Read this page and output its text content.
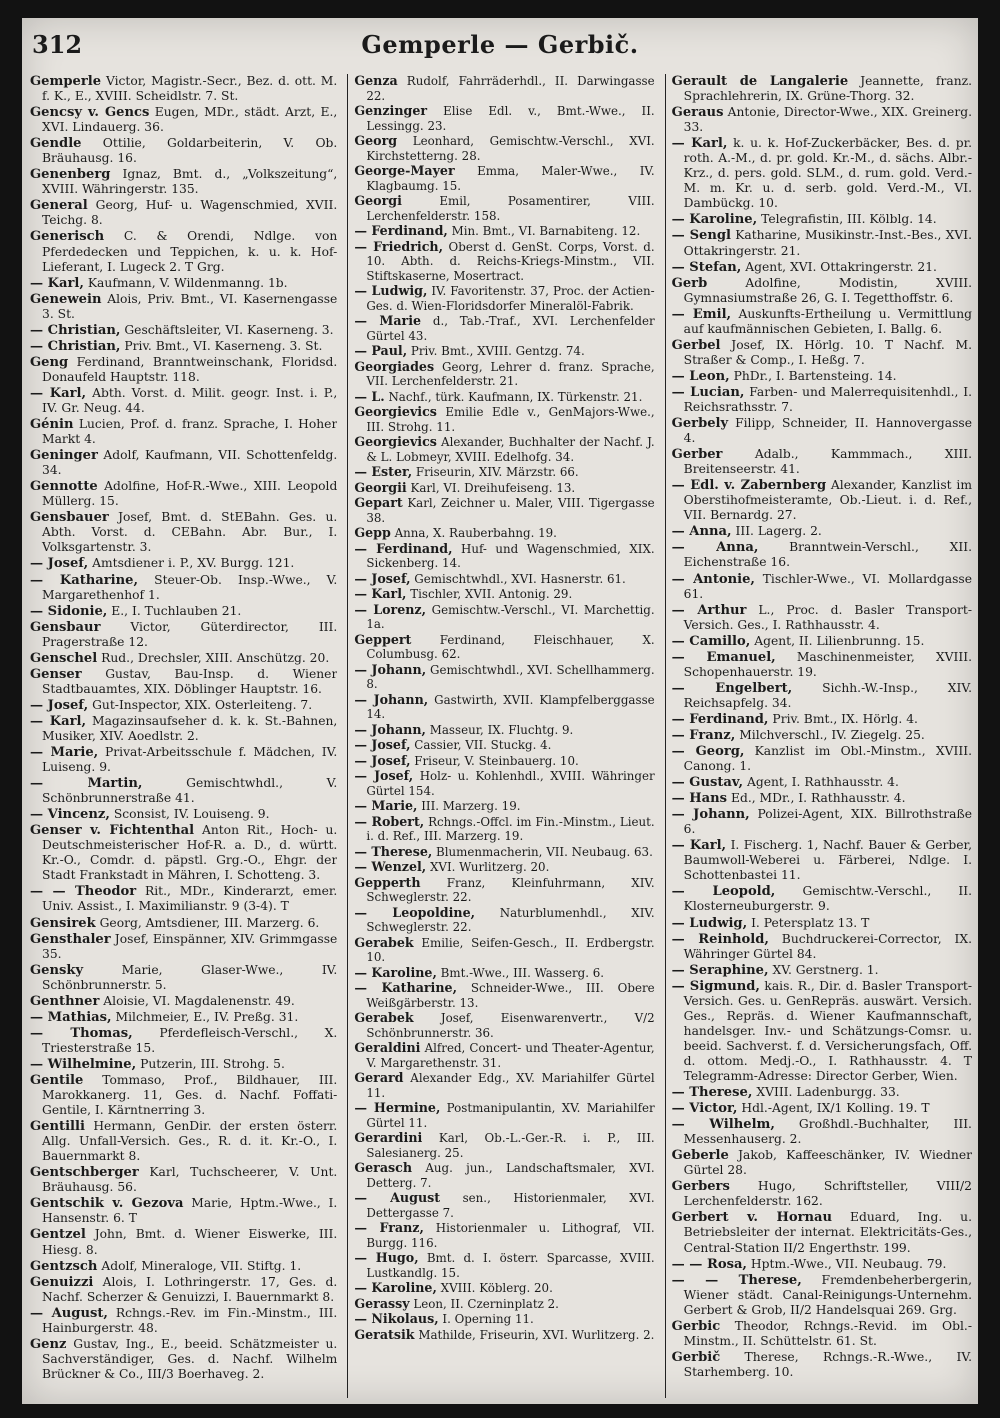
312	Gemperle — Gerbič.
Gemperle Victor, Magistr.-Secr., Bez. d. ott. M. f. K., E., XVIII. Scheidlstr. 7. St.
Gencsy v. Gencs Eugen, MDr., städt. Arzt, E., XVI. Lindauerg. 36.
Gendle Ottilie, Goldarbeiterin, V. Ob. Bräuhausg. 16.
Genenberg Ignaz, Bmt. d., „Volkszeitung“, XVIII. Währingerstr. 135.
General Georg, Huf- u. Wagenschmied, XVII. Teichg. 8.
Generisch C. & Orendi, Ndlge. von Pferdedecken und Teppichen, k. u. k. Hof-Lieferant, I. Lugeck 2. T Grg.
— Karl, Kaufmann, V. Wildenmanng. 1b.
Genewein Alois, Priv. Bmt., VI. Kasernengasse 3. St.
— Christian, Geschäftsleiter, VI. Kaserneng. 3.
— Christian, Priv. Bmt., VI. Kaserneng. 3. St.
Geng Ferdinand, Branntweinschank, Floridsd. Donaufeld Hauptstr. 118.
— Karl, Abth. Vorst. d. Milit. geogr. Inst. i. P., IV. Gr. Neug. 44.
Génin Lucien, Prof. d. franz. Sprache, I. Hoher Markt 4.
Geninger Adolf, Kaufmann, VII. Schottenfeldg. 34.
Gennotte Adolfine, Hof-R.-Wwe., XIII. Leopold Müllerg. 15.
Gensbauer Josef, Bmt. d. StEBahn. Ges. u. Abth. Vorst. d. CEBahn. Abr. Bur., I. Volksgartenstr. 3.
— Josef, Amtsdiener i. P., XV. Burgg. 121.
— Katharine, Steuer-Ob. Insp.-Wwe., V. Margarethenhof 1.
— Sidonie, E., I. Tuchlauben 21.
Gensbaur Victor, Güterdirector, III. Pragerstraße 12.
Genschel Rud., Drechsler, XIII. Anschützg. 20.
Genser Gustav, Bau-Insp. d. Wiener Stadtbauamtes, XIX. Döblinger Hauptstr. 16.
— Josef, Gut-Inspector, XIX. Osterleiteng. 7.
— Karl, Magazinsaufseher d. k. k. St.-Bahnen, Musiker, XIV. Aoedlstr. 2.
— Marie, Privat-Arbeitsschule f. Mädchen, IV. Luiseng. 9.
— Martin,	Gemischtwhdl., V. Schönbrunnerstraße 41.
— Vincenz, Sconsist, IV. Louiseng. 9.
Genser v. Fichtenthal Anton Rit., Hoch- u. Deutschmeisterischer Hof-R. a. D., d. württ. Kr.-O., Comdr. d. päpstl. Grg.-O., Ehgr. der Stadt Frankstadt in Mähren, I. Schotteng. 3.
— — Theodor Rit., MDr., Kinderarzt, emer. Univ. Assist., I. Maximilianstr. 9 (3-4). T
Gensirek Georg, Amtsdiener, III. Marzerg. 6.
Gensthaler Josef, Einspänner, XIV. Grimmgasse 35.
Gensky	Marie, Glaser-Wwe., IV. Schönbrunnerstr. 5.
Genthner Aloisie, VI. Magdalenenstr. 49.
— Mathias, Milchmeier, E., IV. Preßg. 31.
— Thomas, Pferdefleisch-Verschl., X. Triesterstraße 15.
— Wilhelmine, Putzerin, III. Strohg. 5.
Gentile Tommaso, Prof., Bildhauer, III. Marokkanerg. 11, Ges. d. Nachf. Foffati-Gentile, I. Kärntnerring 3.
Gentilli Hermann, GenDir. der ersten österr. Allg. Unfall-Versich. Ges., R. d. it. Kr.-O., I. Bauernmarkt 8.
Gentschberger Karl, Tuchscheerer, V. Unt. Bräuhausg. 56.
Gentschik v. Gezova Marie, Hptm.-Wwe., I. Hansenstr. 6. T
Gentzel John, Bmt. d. Wiener Eiswerke, III. Hiesg. 8.
Gentzsch Adolf, Mineraloge, VII. Stiftg. 1.
Genuizzi Alois, I. Lothringerstr. 17, Ges. d. Nachf. Scherzer & Genuizzi, I. Bauernmarkt 8.
— August, Rchngs.-Rev. im Fin.-Minstm., III. Hainburgerstr. 48.
Genz Gustav, Ing., E., beeid. Schätzmeister u. Sachverständiger, Ges. d. Nachf. Wilhelm Brückner & Co., III/3 Boerhaveg. 2.
Genza Rudolf, Fahrräderhdl., II. Darwingasse 22.
Genzinger Elise Edl. v., Bmt.-Wwe., II. Lessingg. 23.
Georg Leonhard, Gemischtw.-Verschl., XVI. Kirchstetterng. 28.
George-Mayer Emma, Maler-Wwe., IV. Klagbaumg. 15.
Georgi	Emil, Posamentirer, VIII. Lerchenfelderstr. 158.
— Ferdinand, Min. Bmt., VI. Barnabiteng. 12.
— Friedrich, Oberst d. GenSt. Corps, Vorst. d. 10. Abth. d. Reichs-Kriegs-Minstm., VII. Stiftskaserne, Mosertract.
— Ludwig, IV. Favoritenstr. 37, Proc. der Actien-Ges. d. Wien-Floridsdorfer Mineralöl-Fabrik.
— Marie d., Tab.-Traf., XVI. Lerchenfelder Gürtel 43.
— Paul, Priv. Bmt., XVIII. Gentzg. 74.
Georgiades Georg, Lehrer d. franz. Sprache, VII. Lerchenfelderstr. 21.
— L. Nachf., türk. Kaufmann, IX. Türkenstr. 21.
Georgievics Emilie Edle v., GenMajors-Wwe., III. Strohg. 11.
Georgievics Alexander, Buchhalter der Nachf. J. & L. Lobmeyr, XVIII. Edelhofg. 34.
— Ester, Friseurin, XIV. Märzstr. 66.
Georgii Karl, VI. Dreihufeiseng. 13.
Gepart Karl, Zeichner u. Maler, VIII. Tigergasse 38.
Gepp Anna, X. Rauberbahng. 19.
— Ferdinand, Huf- und Wagenschmied, XIX. Sickenberg. 14.
— Josef, Gemischtwhdl., XVI. Hasnerstr. 61.
— Karl, Tischler, XVII. Antonig. 29.
— Lorenz, Gemischtw.-Verschl., VI. Marchettig. 1a.
Geppert Ferdinand, Fleischhauer, X. Columbusg. 62.
— Johann, Gemischtwhdl., XVI. Schellhammerg. 8.
— Johann, Gastwirth, XVII. Klampfelberggasse 14.
— Johann, Masseur, IX. Fluchtg. 9.
— Josef, Cassier, VII. Stuckg. 4.
— Josef, Friseur, V. Steinbauerg. 10.
— Josef, Holz- u. Kohlenhdl., XVIII. Währinger Gürtel 154.
— Marie, III. Marzerg. 19.
— Robert, Rchngs.-Offcl. im Fin.-Minstm., Lieut. i. d. Ref., III. Marzerg. 19.
— Therese, Blumenmacherin, VII. Neubaug. 63.
— Wenzel, XVI. Wurlitzerg. 20.
Gepperth Franz, Kleinfuhrmann, XIV. Schweglerstr. 22.
— Leopoldine, Naturblumenhdl., XIV. Schweglerstr. 22.
Gerabek Emilie, Seifen-Gesch., II. Erdbergstr. 10.
— Karoline, Bmt.-Wwe., III. Wasserg. 6.
— Katharine, Schneider-Wwe., III. Obere Weißgärberstr. 13.
Gerabek Josef, Eisenwarenvertr., V/2 Schönbrunnerstr. 36.
Geraldini Alfred, Concert- und Theater-Agentur, V. Margarethenstr. 31.
Gerard Alexander Edg., XV. Mariahilfer Gürtel 11.
— Hermine, Postmanipulantin, XV. Mariahilfer Gürtel 11.
Gerardini Karl, Ob.-L.-Ger.-R. i. P., III. Salesianerg. 25.
Gerasch Aug. jun., Landschaftsmaler, XVI. Detterg. 7.
— August sen., Historienmaler, XVI. Dettergasse 7.
— Franz, Historienmaler u. Lithograf, VII. Burgg. 116.
— Hugo, Bmt. d. I. österr. Sparcasse, XVIII. Lustkandlg. 15.
— Karoline, XVIII. Köblerg. 20.
Gerassy Leon, II. Czerninplatz 2.
— Nikolaus, I. Operning 11.
Geratsik Mathilde, Friseurin, XVI. Wurlitzerg. 2.
Gerault de Langalerie Jeannette, franz. Sprachlehrerin, IX. Grüne-Thorg. 32.
Geraus Antonie, Director-Wwe., XIX. Greinerg. 33.
— Karl, k. u. k. Hof-Zuckerbäcker, Bes. d. pr. roth. A.-M., d. pr. gold. Kr.-M., d. sächs. Albr.-Krz., d. pers. gold. SLM., d. rum. gold. Verd.-M. m. Kr. u. d. serb. gold. Verd.-M., VI. Dambückg. 10.
— Karoline, Telegrafistin, III. Kölblg. 14.
— Sengl Katharine, Musikinstr.-Inst.-Bes., XVI. Ottakringerstr. 21.
— Stefan, Agent, XVI. Ottakringerstr. 21.
Gerb	Adolfine, Modistin, XVIII. Gymnasiumstraße 26, G. I. Tegetthoffstr. 6.
— Emil, Auskunfts-Ertheilung u. Vermittlung auf kaufmännischen Gebieten, I. Ballg. 6.
Gerbel Josef, IX. Hörlg. 10. T Nachf. M. Straßer & Comp., I. Heßg. 7.
— Leon, PhDr., I. Bartensteing. 14.
— Lucian, Farben- und Malerrequisitenhdl., I. Reichsrathsstr. 7.
Gerbely Filipp, Schneider, II. Hannovergasse 4.
Gerber	Adalb., Kammmach., XIII. Breitenseerstr. 41.
— Edl. v. Zabernberg Alexander, Kanzlist im Oberstihofmeisteramte, Ob.-Lieut. i. d. Ref., VII. Bernardg. 27.
— Anna, III. Lagerg. 2.
— Anna,	Branntwein-Verschl., XII. Eichenstraße 16.
— Antonie, Tischler-Wwe., VI. Mollardgasse 61.
— Arthur L., Proc. d. Basler Transport-Versich. Ges., I. Rathhausstr. 4.
— Camillo, Agent, II. Lilienbrunng. 15.
— Emanuel, Maschinenmeister, XVIII. Schopenhauerstr. 19.
— Engelbert, Sichh.-W.-Insp., XIV. Reichsapfelg. 34.
— Ferdinand, Priv. Bmt., IX. Hörlg. 4.
— Franz, Milchverschl., IV. Ziegelg. 25.
— Georg, Kanzlist im Obl.-Minstm., XVIII. Canong. 1.
— Gustav, Agent, I. Rathhausstr. 4.
— Hans Ed., MDr., I. Rathhausstr. 4.
— Johann, Polizei-Agent, XIX. Billrothstraße 6.
— Karl, I. Fischerg. 1, Nachf. Bauer & Gerber, Baumwoll-Weberei u. Färberei, Ndlge. I. Schottenbastei 11.
— Leopold, Gemischtw.-Verschl., II. Klosterneuburgerstr. 9.
— Ludwig, I. Petersplatz 13. T
— Reinhold, Buchdruckerei-Corrector, IX. Währinger Gürtel 84.
— Seraphine, XV. Gerstnerg. 1.
— Sigmund, kais. R., Dir. d. Basler Transport-Versich. Ges. u. GenRepräs. auswärt. Versich. Ges., Repräs. d. Wiener Kaufmannschaft, handelsger. Inv.- und Schätzungs-Comsr. u. beeid. Sachverst. f. d. Versicherungsfach, Off. d. ottom. Medj.-O., I. Rathhausstr. 4. T Telegramm-Adresse: Director Gerber, Wien.
— Therese, XVIII. Ladenburgg. 33.
— Victor, Hdl.-Agent, IX/1 Kolling. 19. T
— Wilhelm, Großhdl.-Buchhalter, III. Messenhauserg. 2.
Geberle Jakob, Kaffeeschänker, IV. Wiedner Gürtel 28.
Gerbers Hugo, Schriftsteller, VIII/2 Lerchenfelderstr. 162.
Gerbert v. Hornau Eduard, Ing. u. Betriebsleiter der internat. Elektricitäts-Ges., Central-Station II/2 Engerthstr. 199.
— — Rosa, Hptm.-Wwe., VII. Neubaug. 79.
— — Therese, Fremdenbeherbergerin, Wiener städt. Canal-Reinigungs-Unternehm. Gerbert & Grob, II/2 Handelsquai 269. Grg.
Gerbic Theodor, Rchngs.-Revid. im Obl.-Minstm., II. Schüttelstr. 61. St.
Gerbič Therese, Rchngs.-R.-Wwe., IV. Starhemberg. 10.
